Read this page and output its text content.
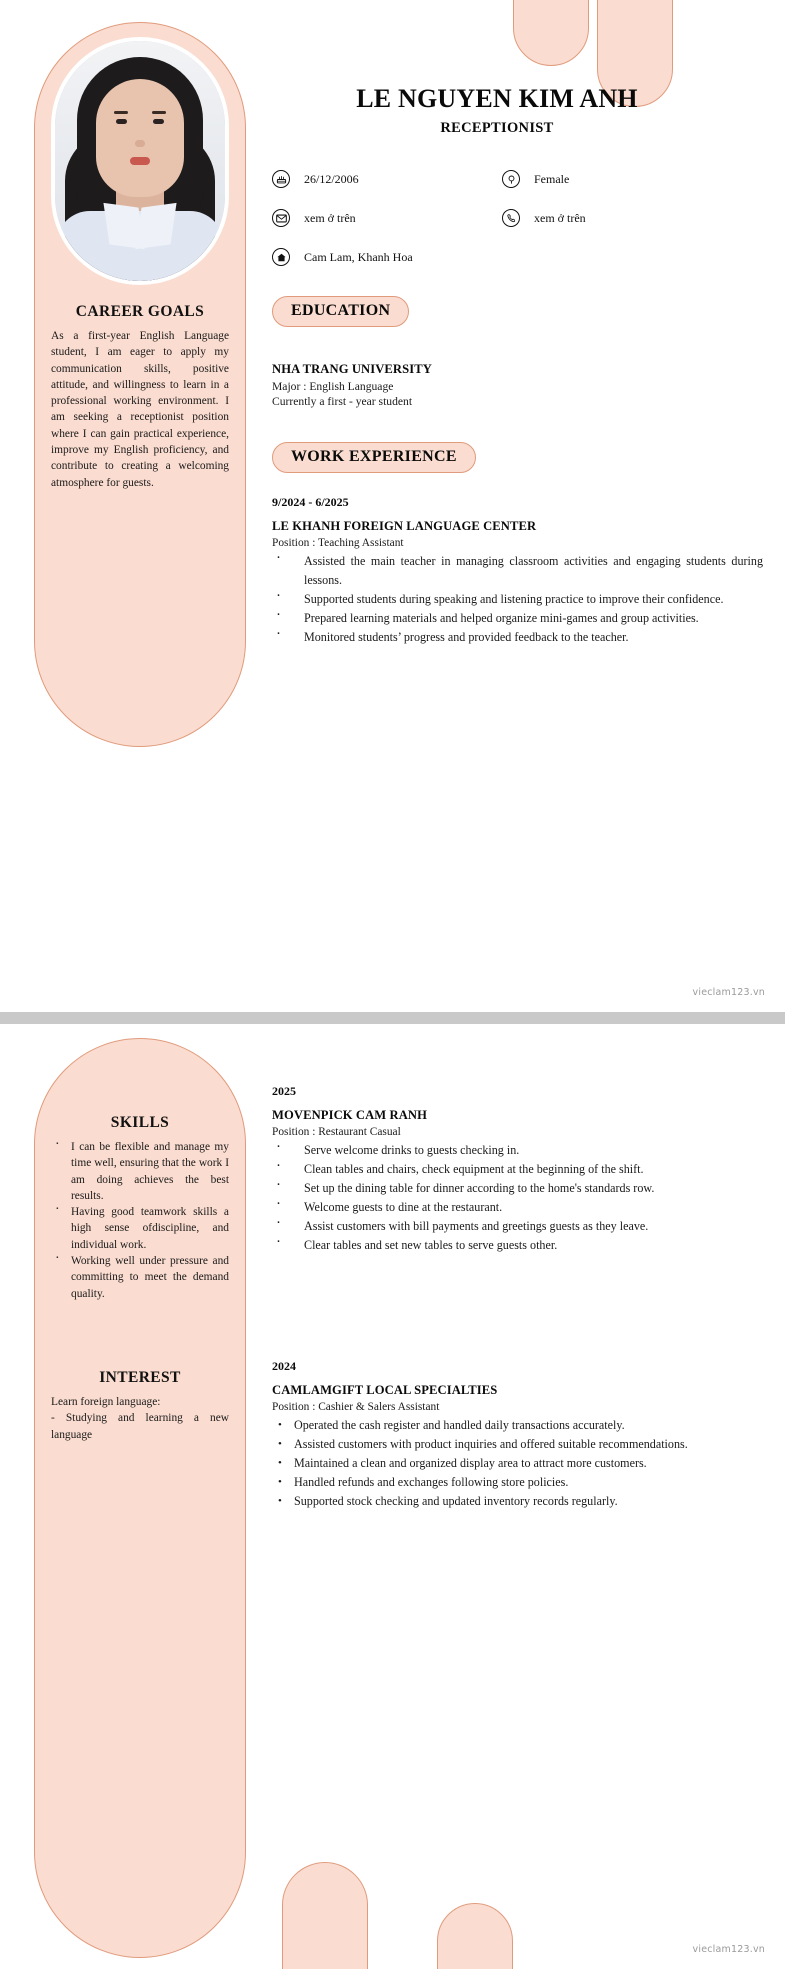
CAREER GOALS

As a first-year English Language student, I am eager to apply my communication skills, positive attitude, and willingness to learn in a professional working environment. I am seeking a receptionist position where I can gain practical experience, improve my English proficiency, and contribute to creating a welcoming atmosphere for guests.

LE NGUYEN KIM ANH
RECEPTIONIST
26/12/2006	Female
xem ở trên	xem ở trên
Cam Lam, Khanh Hoa
EDUCATION

NHA TRANG UNIVERSITY

Major : English Language

Currently a first - year student

WORK EXPERIENCE

9/2024 - 6/2025

LE KHANH FOREIGN LANGUAGE CENTER

Position : Teaching Assistant

· Assisted the main teacher in managing classroom activities and engaging students during lessons.
· Supported students during speaking and listening practice to improve their confidence.
· Prepared learning materials and helped organize mini-games and group activities.
· Monitored students’ progress and provided feedback to the teacher.
vieclam123.vn
SKILLS
· I can be flexible and manage my time well, ensuring that the work I am doing achieves the best results.
· Having good teamwork skills a high sense ofdiscipline, and individual work.
· Working well under pressure and committing to meet the demand quality.
INTEREST

Learn foreign language:

- Studying and learning a new language

2025

MOVENPICK CAM RANH

Position : Restaurant Casual

· Serve welcome drinks to guests checking in.
· Clean tables and chairs, check equipment at the beginning of the shift.
· Set up the dining table for dinner according to the home's standards row.
· Welcome guests to dine at the restaurant.
· Assist customers with bill payments and greetings guests as they leave.
· Clear tables and set new tables to serve guests other.

2024

CAMLAMGIFT LOCAL SPECIALTIES

Position : Cashier & Salers Assistant

• Operated the cash register and handled daily transactions accurately.
• Assisted customers with product inquiries and offered suitable recommendations.
• Maintained a clean and organized display area to attract more customers.
• Handled refunds and exchanges following store policies.
• Supported stock checking and updated inventory records regularly.
vieclam123.vn
